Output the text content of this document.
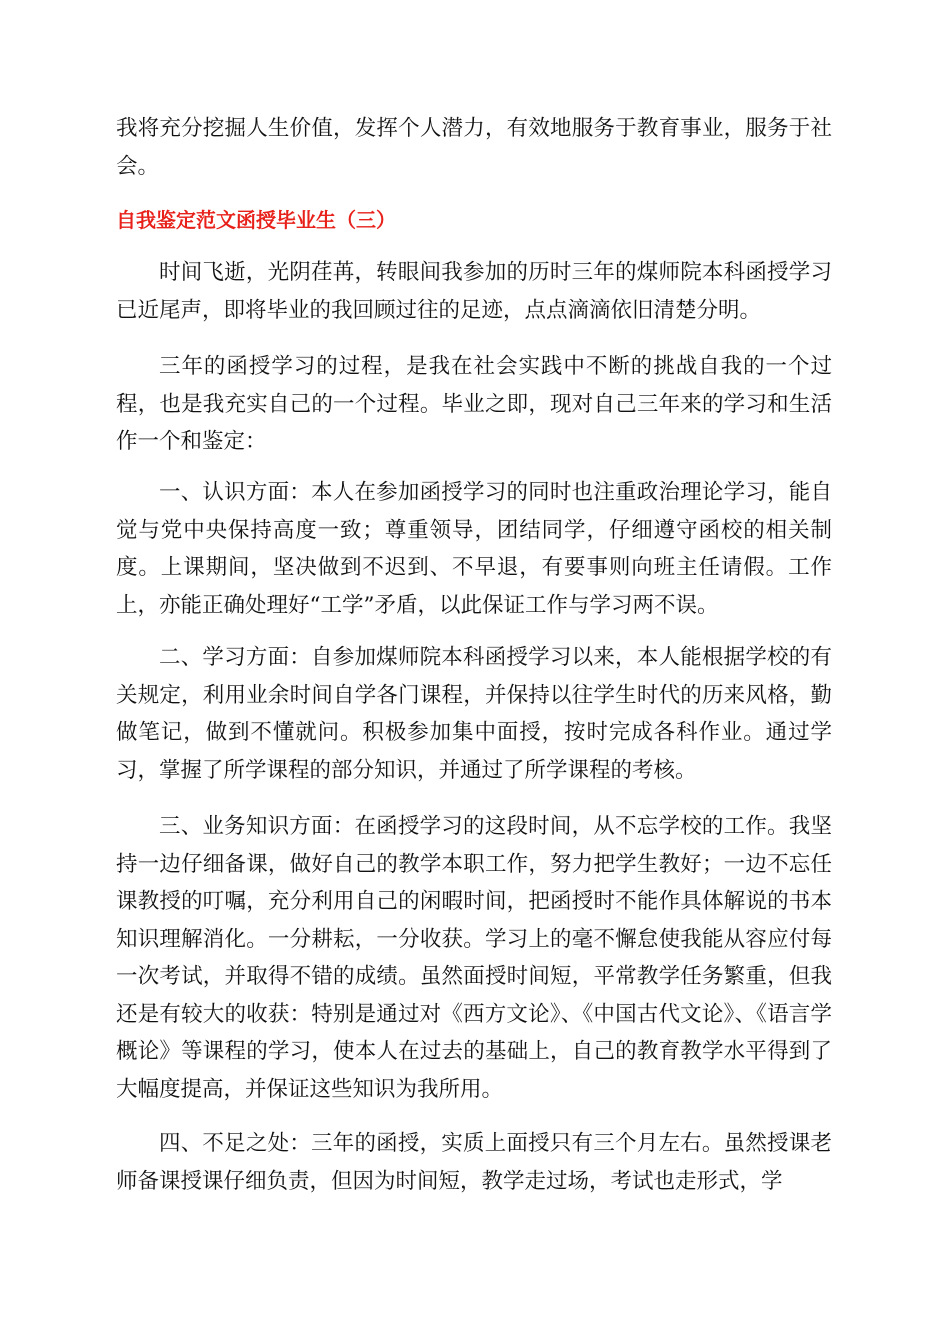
我将充分挖掘人生价值，发挥个人潜力，有效地服务于教育事业，服务于社会。

自我鉴定范文函授毕业生（三）

时间飞逝，光阴荏苒，转眼间我参加的历时三年的煤师院本科函授学习已近尾声，即将毕业的我回顾过往的足迹，点点滴滴依旧清楚分明。

三年的函授学习的过程，是我在社会实践中不断的挑战自我的一个过程，也是我充实自己的一个过程。毕业之即，现对自己三年来的学习和生活作一个和鉴定：

一、认识方面：本人在参加函授学习的同时也注重政治理论学习，能自觉与党中央保持高度一致；尊重领导，团结同学，仔细遵守函校的相关制度。上课期间，坚决做到不迟到、不早退，有要事则向班主任请假。工作上，亦能正确处理好“工学”矛盾，以此保证工作与学习两不误。

二、学习方面：自参加煤师院本科函授学习以来，本人能根据学校的有关规定，利用业余时间自学各门课程，并保持以往学生时代的历来风格，勤做笔记，做到不懂就问。积极参加集中面授，按时完成各科作业。通过学习，掌握了所学课程的部分知识，并通过了所学课程的考核。

三、业务知识方面：在函授学习的这段时间，从不忘学校的工作。我坚持一边仔细备课，做好自己的教学本职工作，努力把学生教好；一边不忘任课教授的叮嘱，充分利用自己的闲暇时间，把函授时不能作具体解说的书本知识理解消化。一分耕耘，一分收获。学习上的毫不懈怠使我能从容应付每一次考试，并取得不错的成绩。虽然面授时间短，平常教学任务繁重，但我还是有较大的收获：特别是通过对《西方文论》、《中国古代文论》、《语言学概论》等课程的学习，使本人在过去的基础上，自己的教育教学水平得到了大幅度提高，并保证这些知识为我所用。

四、不足之处：三年的函授，实质上面授只有三个月左右。虽然授课老师备课授课仔细负责，但因为时间短，教学走过场，考试也走形式，学
